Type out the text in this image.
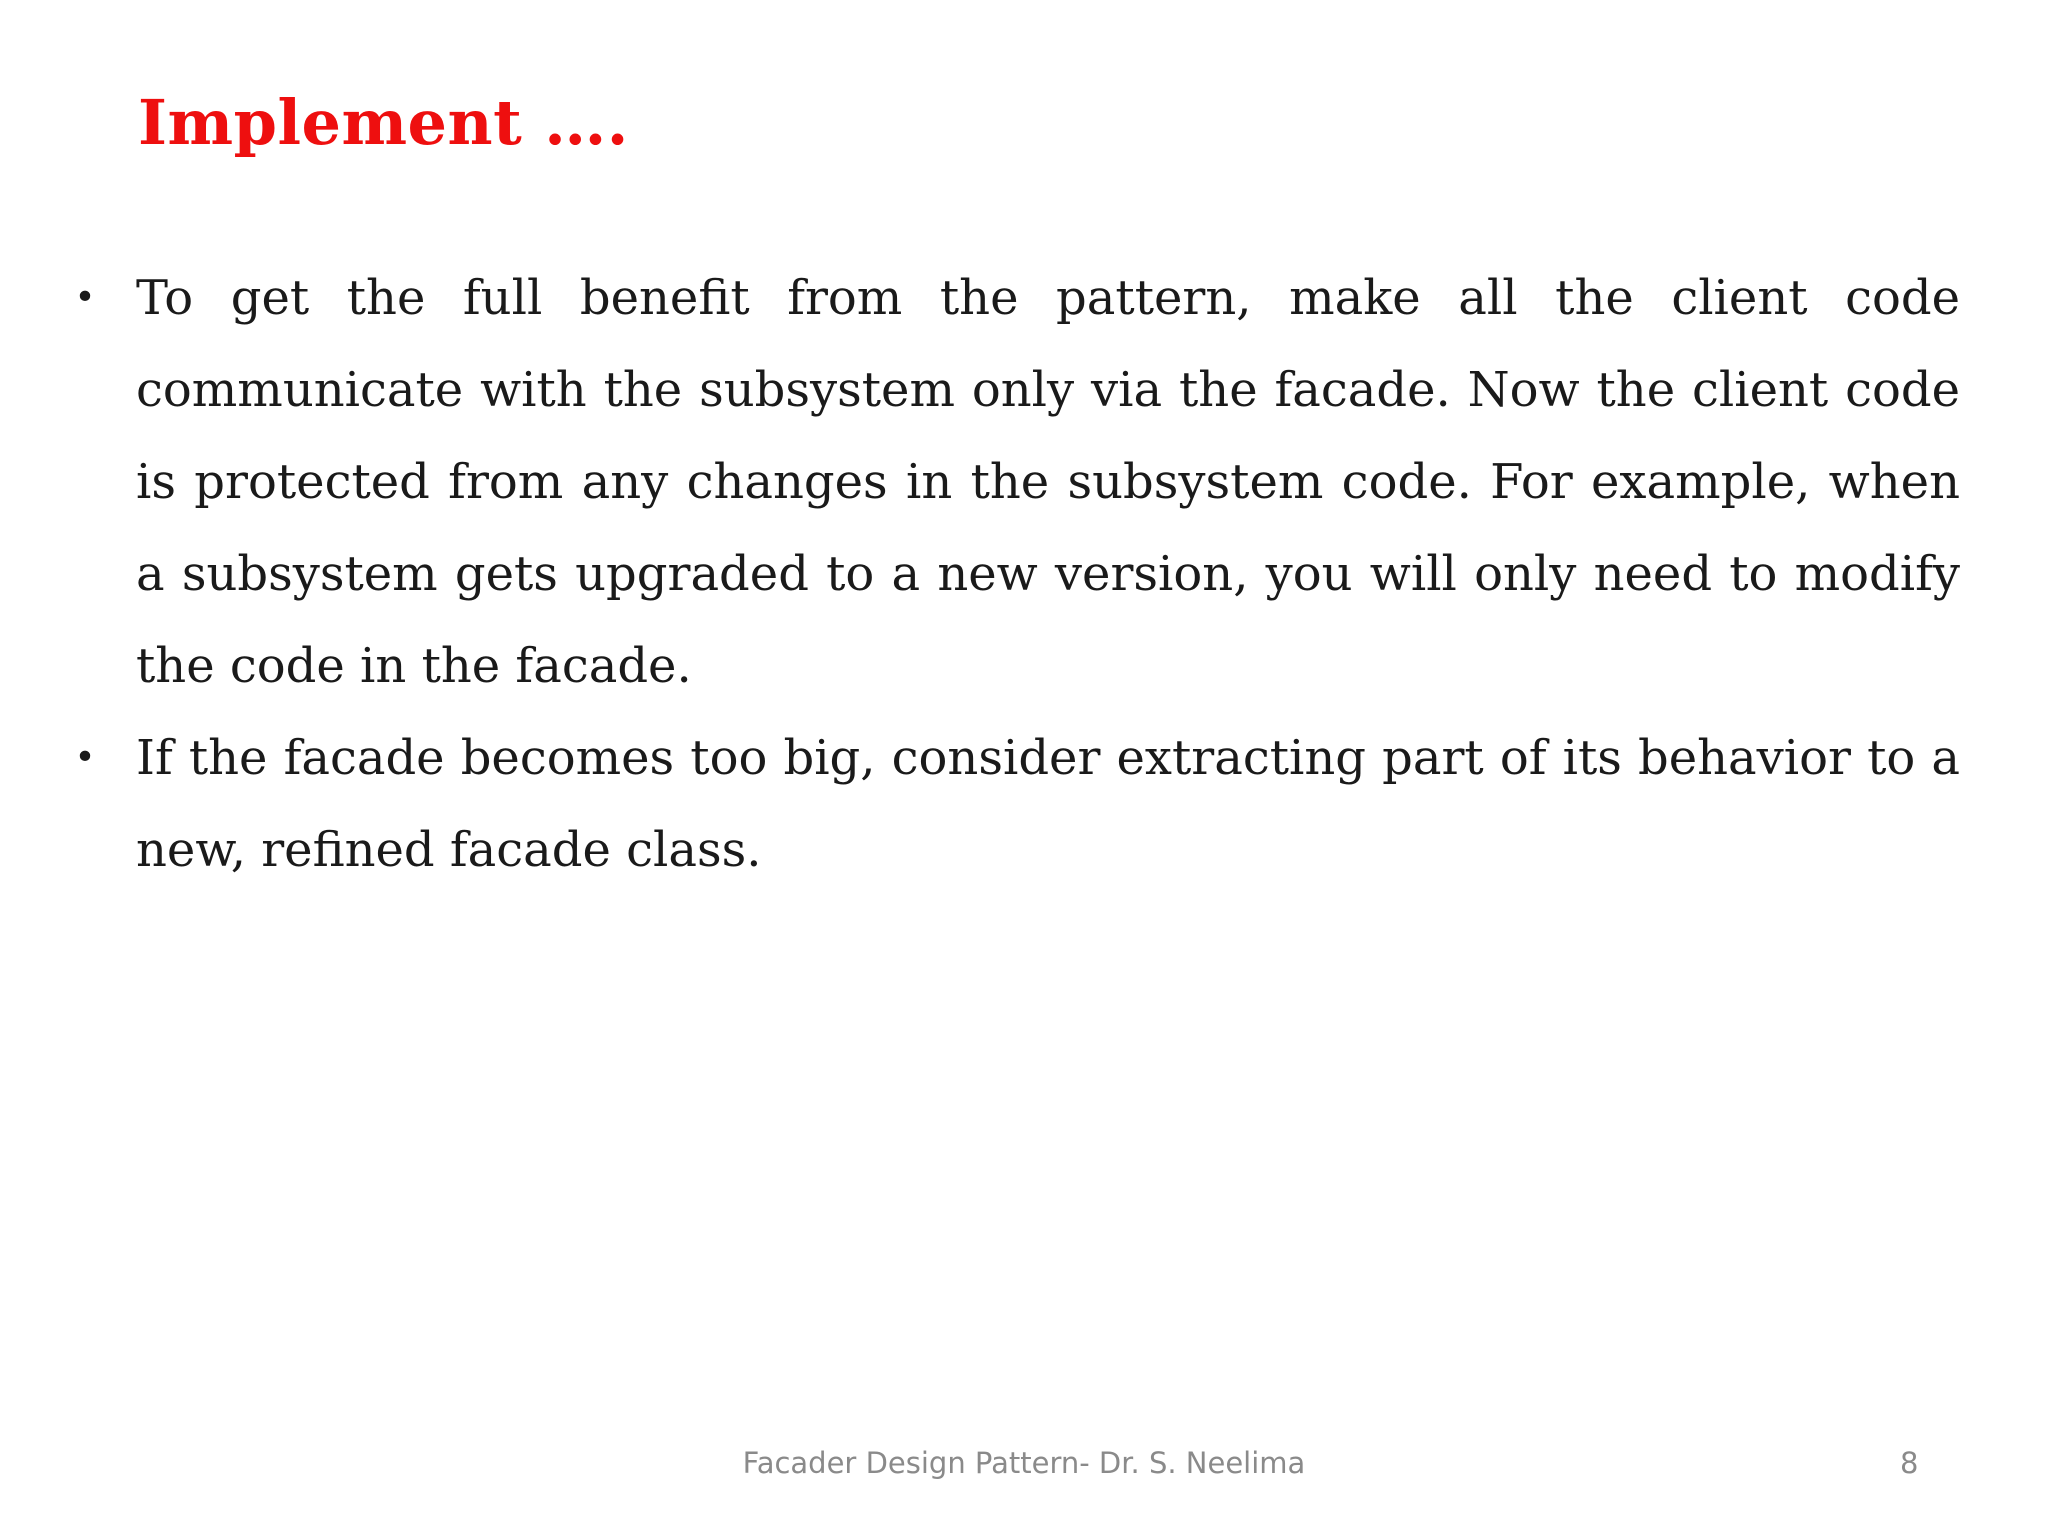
Implement ….
• To get the full benefit from the pattern, make all the client code communicate with the subsystem only via the facade. Now the client code is protected from any changes in the subsystem code. For example, when a subsystem gets upgraded to a new version, you will only need to modify the code in the facade.
• If the facade becomes too big, consider extracting part of its behavior to a new, refined facade class.
Facader Design Pattern- Dr. S. Neelima	8
